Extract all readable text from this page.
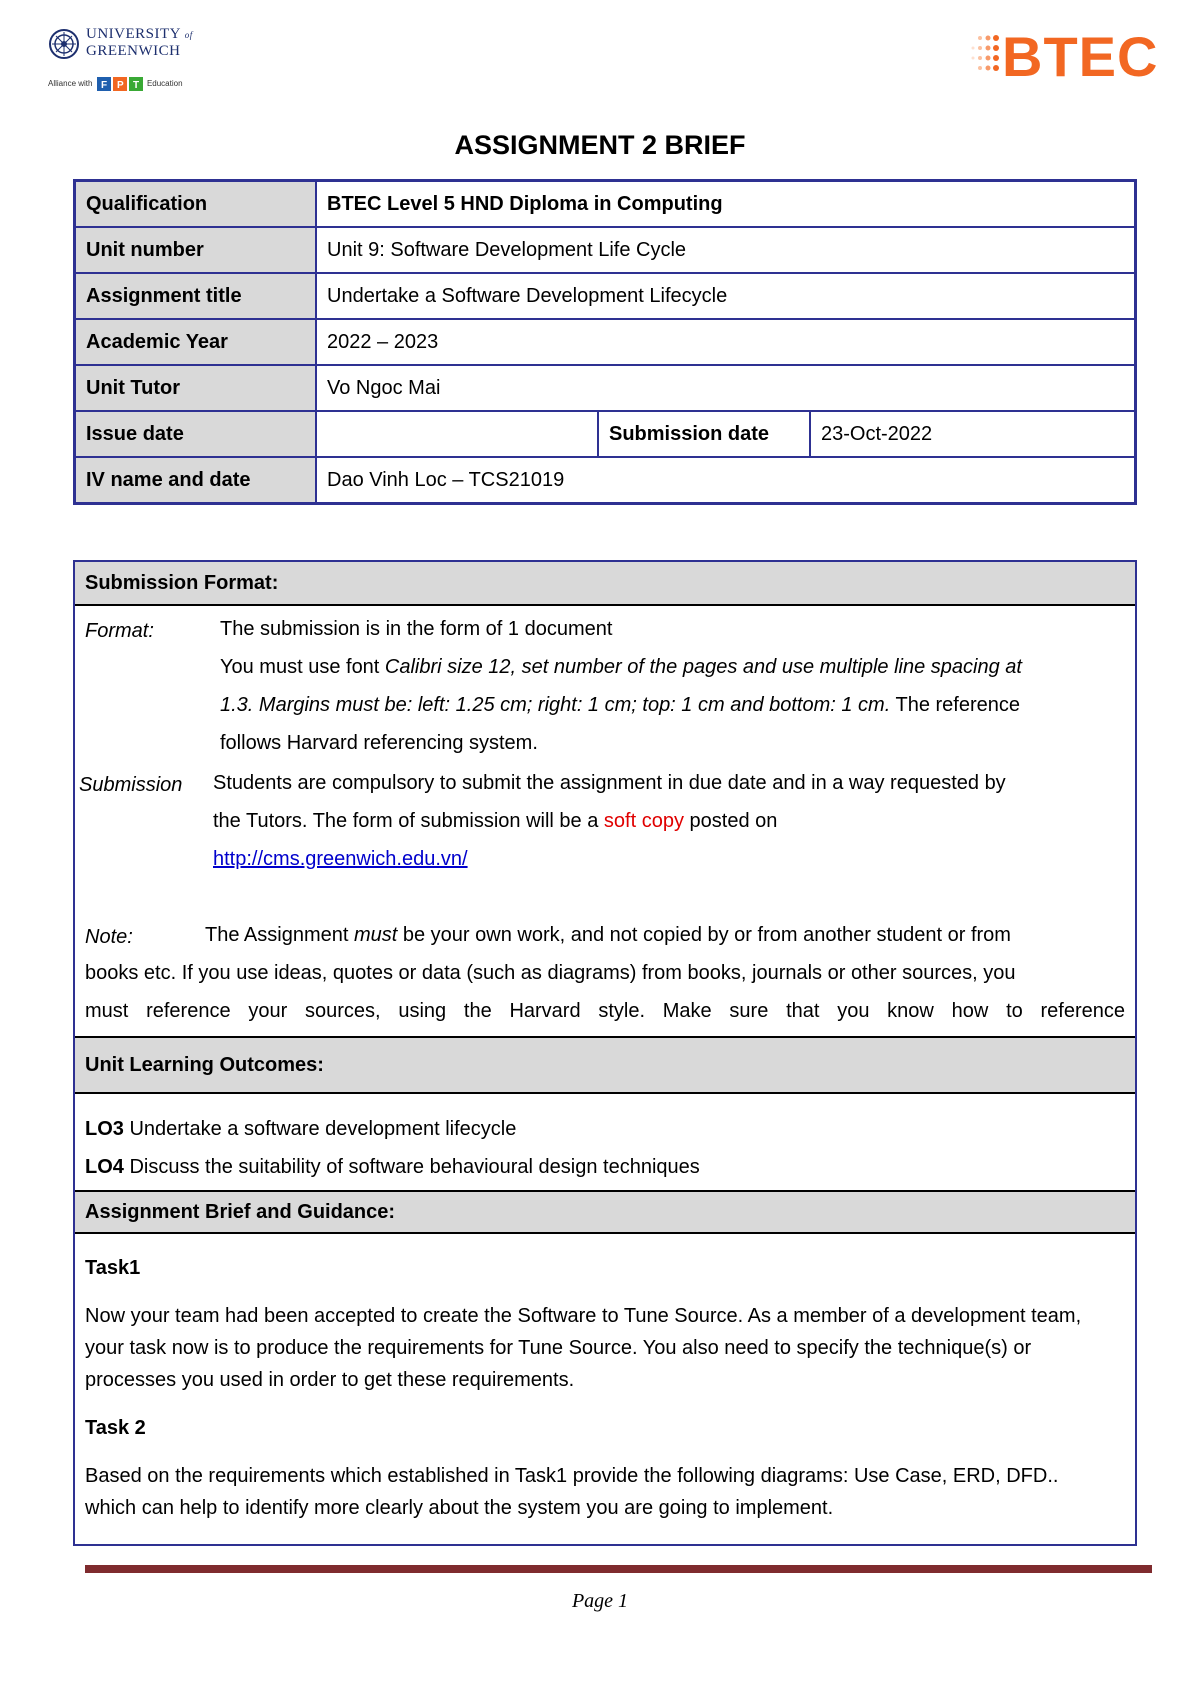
UNIVERSITY of
GREENWICH
Alliance with F P T Education	BTEC
ASSIGNMENT 2 BRIEF
Qualification	BTEC Level 5 HND Diploma in Computing		
Unit number	Unit 9: Software Development Life Cycle		
Assignment title	Undertake a Software Development Lifecycle		
Academic Year	2022 – 2023		
Unit Tutor	Vo Ngoc Mai		
Issue date		Submission date	23-Oct-2022
IV name and date	Dao Vinh Loc – TCS21019		
Submission Format:
Format:	The submission is in the form of 1 document
You must use font Calibri size 12, set number of the pages and use multiple line spacing at
1.3. Margins must be: left: 1.25 cm; right: 1 cm; top: 1 cm and bottom: 1 cm. The reference
follows Harvard referencing system.
Submission Students are compulsory to submit the assignment in due date and in a way requested by
the Tutors. The form of submission will be a soft copy posted on
http://cms.greenwich.edu.vn/
Note:	The Assignment must be your own work, and not copied by or from another student or from
books etc. If you use ideas, quotes or data (such as diagrams) from books, journals or other sources, you
must reference your sources, using the Harvard style. Make sure that you know how to reference
Unit Learning Outcomes:
LO3 Undertake a software development lifecycle
LO4 Discuss the suitability of software behavioural design techniques
Assignment Brief and Guidance:
Task1
Now your team had been accepted to create the Software to Tune Source. As a member of a development team, your task now is to produce the requirements for Tune Source. You also need to specify the technique(s) or processes you used in order to get these requirements.
Task 2
Based on the requirements which established in Task1 provide the following diagrams: Use Case, ERD, DFD.. which can help to identify more clearly about the system you are going to implement.
Page 1
